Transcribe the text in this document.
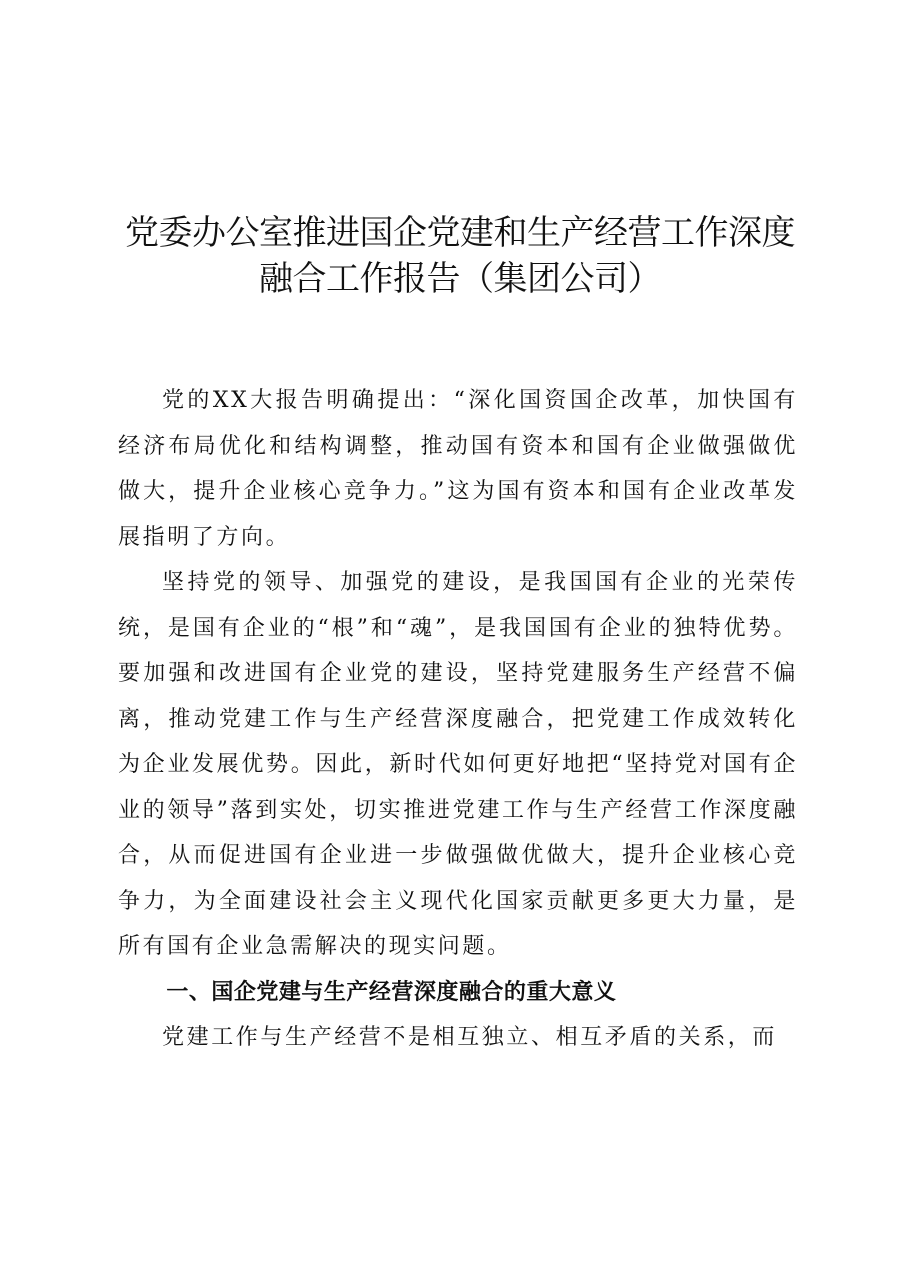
党委办公室推进国企党建和生产经营工作深度
融合工作报告（集团公司）

党的XX大报告明确提出：“深化国资国企改革，加快国有经济布局优化和结构调整，推动国有资本和国有企业做强做优做大，提升企业核心竞争力。”这为国有资本和国有企业改革发展指明了方向。

坚持党的领导、加强党的建设，是我国国有企业的光荣传统，是国有企业的“根”和“魂”，是我国国有企业的独特优势。要加强和改进国有企业党的建设，坚持党建服务生产经营不偏离，推动党建工作与生产经营深度融合，把党建工作成效转化为企业发展优势。因此，新时代如何更好地把“坚持党对国有企业的领导”落到实处，切实推进党建工作与生产经营工作深度融合，从而促进国有企业进一步做强做优做大，提升企业核心竞争力，为全面建设社会主义现代化国家贡献更多更大力量，是所有国有企业急需解决的现实问题。

一、国企党建与生产经营深度融合的重大意义

党建工作与生产经营不是相互独立、相互矛盾的关系，而
